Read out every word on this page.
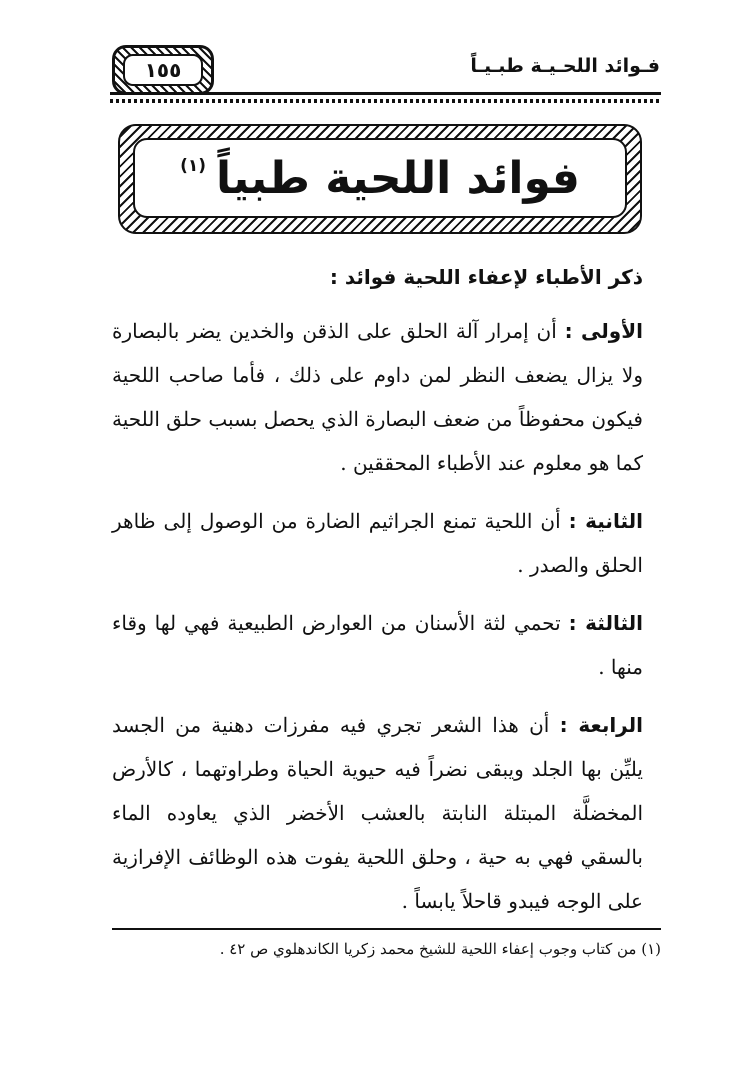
فـوائد اللحـيـة طبـيـاً
١٥٥
فوائد اللحية طبياً
(١)

ذكر الأطباء لإعفاء اللحية فوائد :

الأولى : أن إمرار آلة الحلق على الذقن والخدين يضر بالبصارة ولا يزال يضعف النظر لمن داوم على ذلك ، فأما صاحب اللحية فيكون محفوظاً من ضعف البصارة الذي يحصل بسبب حلق اللحية كما هو معلوم عند الأطباء المحققين .

الثانية : أن اللحية تمنع الجراثيم الضارة من الوصول إلى ظاهر الحلق والصدر .

الثالثة : تحمي لثة الأسنان من العوارض الطبيعية فهي لها وقاء منها .

الرابعة : أن هذا الشعر تجري فيه مفرزات دهنية من الجسد يليِّن بها الجلد ويبقى نضراً فيه حيوية الحياة وطراوتهما ، كالأرض المخضلَّة المبتلة النابتة بالعشب الأخضر الذي يعاوده الماء بالسقي فهي به حية ، وحلق اللحية يفوت هذه الوظائف الإفرازية على الوجه فيبدو قاحلاً يابساً .

(١) من كتاب وجوب إعفاء اللحية للشيخ محمد زكريا الكاندهلوي ص ٤٢ .
